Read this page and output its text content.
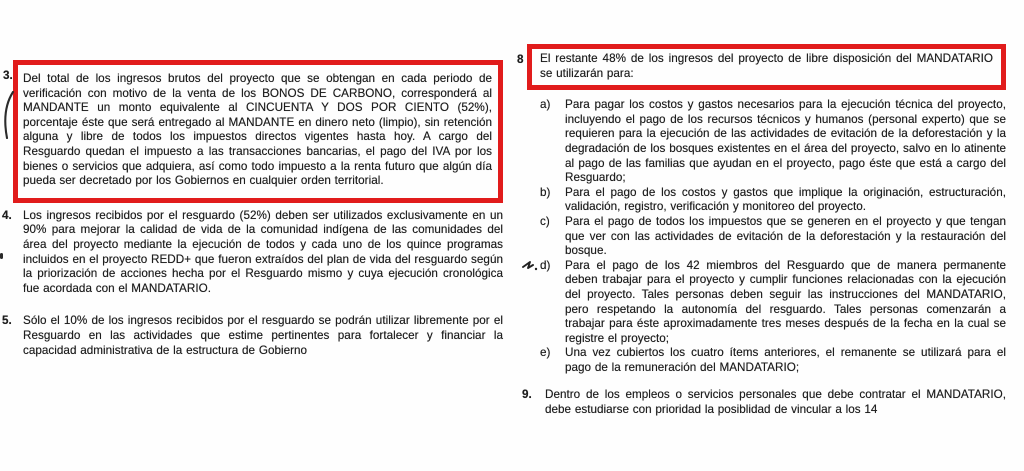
3. Del total de los ingresos brutos del proyecto que se obtengan en cada periodo de verificación con motivo de la venta de los BONOS DE CARBONO, corresponderá al MANDANTE un monto equivalente al CINCUENTA Y DOS POR CIENTO (52%), porcentaje éste que será entregado al MANDANTE en dinero neto (limpio), sin retención alguna y libre de todos los impuestos directos vigentes hasta hoy. A cargo del Resguardo quedan el impuesto a las transacciones bancarias, el pago del IVA por los bienes o servicios que adquiera, así como todo impuesto a la renta futuro que algún día pueda ser decretado por los Gobiernos en cualquier orden territorial.
4. Los ingresos recibidos por el resguardo (52%) deben ser utilizados exclusivamente en un 90% para mejorar la calidad de vida de la comunidad indígena de las comunidades del área del proyecto mediante la ejecución de todos y cada uno de los quince programas incluidos en el proyecto REDD+ que fueron extraídos del plan de vida del resguardo según la priorización de acciones hecha por el Resguardo mismo y cuya ejecución cronológica fue acordada con el MANDATARIO.
5. Sólo el 10% de los ingresos recibidos por el resguardo se podrán utilizar libremente por el Resguardo en las actividades que estime pertinentes para fortalecer y financiar la capacidad administrativa de la estructura de Gobierno
8	El restante 48% de los ingresos del proyecto de libre disposición del MANDATARIO se utilizarán para:
a)	Para pagar los costos y gastos necesarios para la ejecución técnica del proyecto, incluyendo el pago de los recursos técnicos y humanos (personal experto) que se requieren para la ejecución de las actividades de evitación de la deforestación y la degradación de los bosques existentes en el área del proyecto, salvo en lo atinente al pago de las familias que ayudan en el proyecto, pago éste que está a cargo del Resguardo;
b)	Para el pago de los costos y gastos que implique la originación, estructuración, validación, registro, verificación y monitoreo del proyecto.
c)	Para el pago de todos los impuestos que se generen en el proyecto y que tengan que ver con las actividades de evitación de la deforestación y la restauración del bosque.
d)	Para el pago de los 42 miembros del Resguardo que de manera permanente deben trabajar para el proyecto y cumplir funciones relacionadas con la ejecución del proyecto. Tales personas deben seguir las instrucciones del MANDATARIO, pero respetando la autonomía del resguardo. Tales personas comenzarán a trabajar para éste aproximadamente tres meses después de la fecha en la cual se registre el proyecto;
e)	Una vez cubiertos los cuatro ítems anteriores, el remanente se utilizará para el pago de la remuneración del MANDATARIO;
9.	Dentro de los empleos o servicios personales que debe contratar el MANDATARIO, debe estudiarse con prioridad la posiblidad de vincular a los 14
